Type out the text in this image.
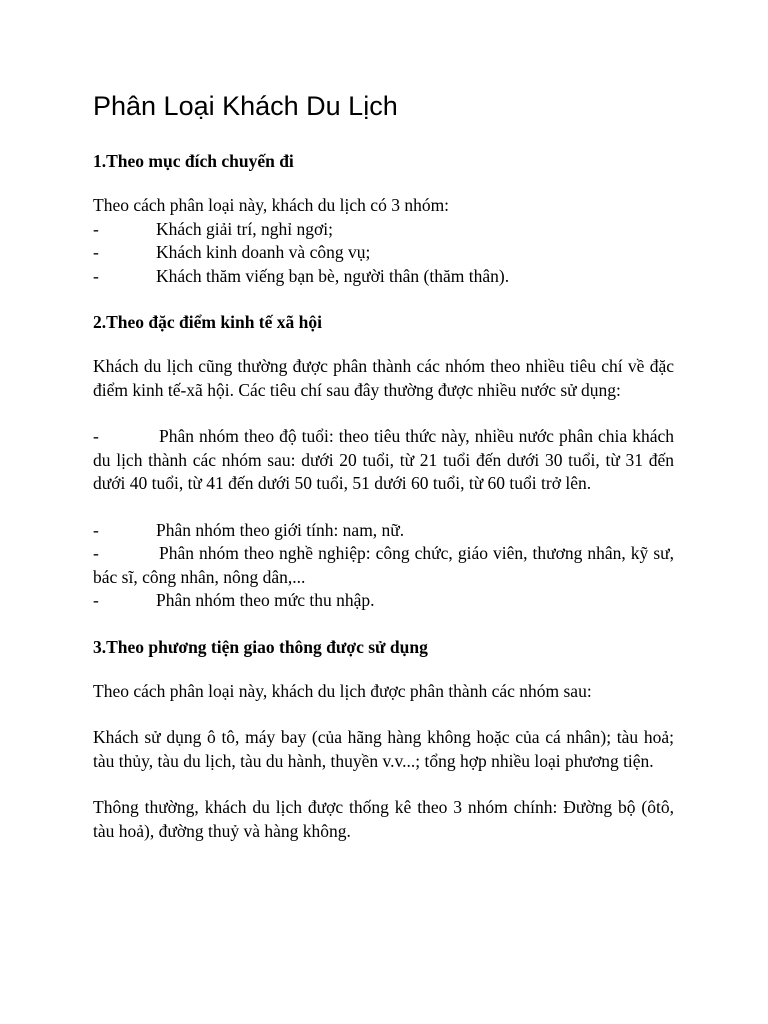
Phân Loại Khách Du Lịch
1.Theo mục đích chuyến đi

Theo cách phân loại này, khách du lịch có 3 nhóm:

-	Khách giải trí, nghỉ ngơi;
-	Khách kinh doanh và công vụ;
-	Khách thăm viếng bạn bè, người thân (thăm thân).
2.Theo đặc điểm kinh tế xã hội

Khách du lịch cũng thường được phân thành các nhóm theo nhiều tiêu chí về đặc điểm kinh tế-xã hội. Các tiêu chí sau đây thường được nhiều nước sử dụng:

-	Phân nhóm theo độ tuổi: theo tiêu thức này, nhiều nước phân chia khách du lịch thành các nhóm sau: dưới 20 tuổi, từ 21 tuổi đến dưới 30 tuổi, từ 31 đến dưới 40 tuổi, từ 41 đến dưới 50 tuổi, 51 dưới 60 tuổi, từ 60 tuổi trở lên.
-	Phân nhóm theo giới tính: nam, nữ.
-	Phân nhóm theo nghề nghiệp: công chức, giáo viên, thương nhân, kỹ sư, bác sĩ, công nhân, nông dân,...
-	Phân nhóm theo mức thu nhập.
3.Theo phương tiện giao thông được sử dụng

Theo cách phân loại này, khách du lịch được phân thành các nhóm sau:

Khách sử dụng ô tô, máy bay (của hãng hàng không hoặc của cá nhân); tàu hoả; tàu thủy, tàu du lịch, tàu du hành, thuyền v.v...; tổng hợp nhiều loại phương tiện.

Thông thường, khách du lịch được thống kê theo 3 nhóm chính: Đường bộ (ôtô, tàu hoả), đường thuỷ và hàng không.
